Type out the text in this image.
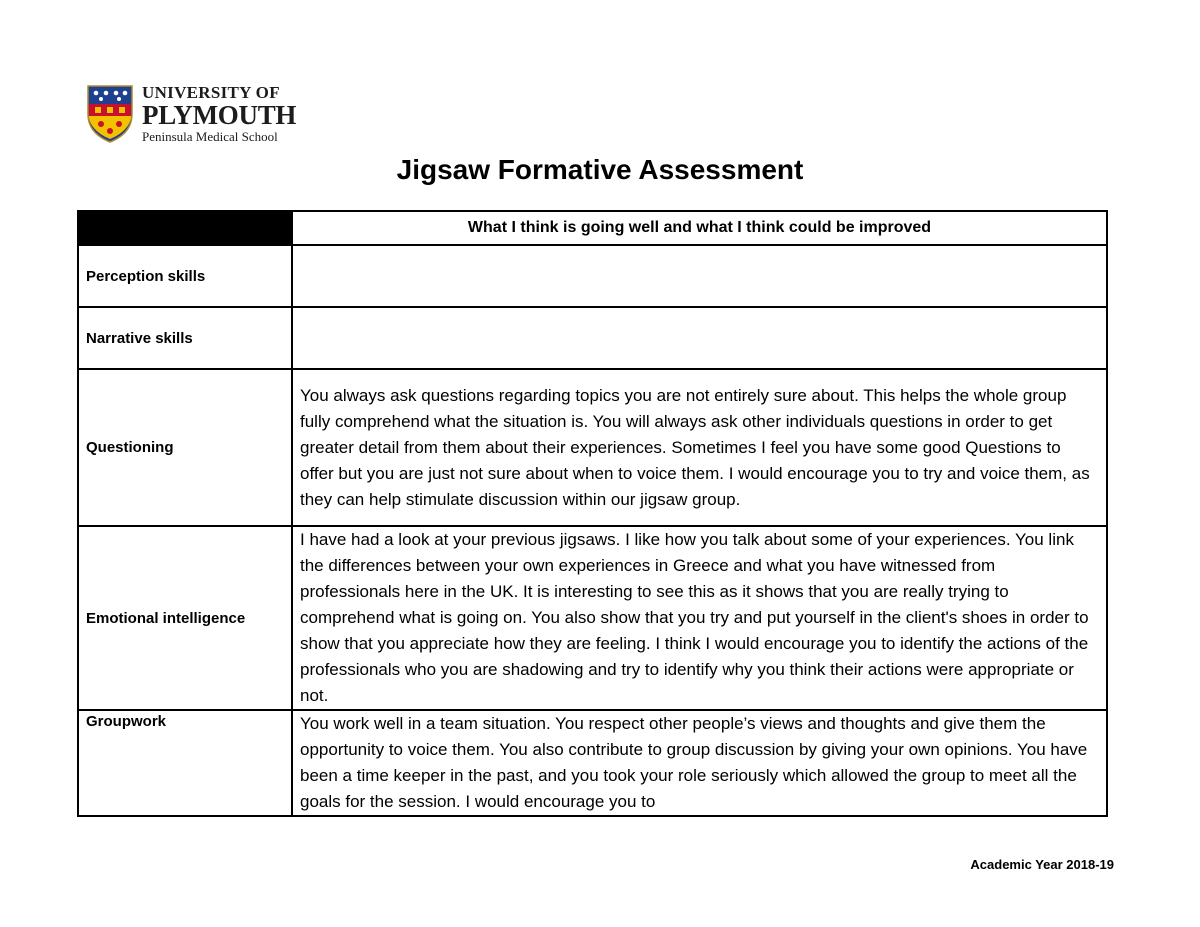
UNIVERSITY OF
PLYMOUTH
Peninsula Medical School
Jigsaw Formative Assessment
	What I think is going well and what I think could be improved
Perception skills	
Narrative skills	
Questioning	You always ask questions regarding topics you are not entirely sure about. This helps the whole group fully comprehend what the situation is. You will always ask other individuals questions in order to get greater detail from them about their experiences. Sometimes I feel you have some good Questions to offer but you are just not sure about when to voice them. I would encourage you to try and voice them, as they can help stimulate discussion within our jigsaw group.
Emotional intelligence	I have had a look at your previous jigsaws. I like how you talk about some of your experiences. You link the differences between your own experiences in Greece and what you have witnessed from professionals here in the UK. It is interesting to see this as it shows that you are really trying to comprehend what is going on. You also show that you try and put yourself in the client's shoes in order to show that you appreciate how they are feeling. I think I would encourage you to identify the actions of the professionals who you are shadowing and try to identify why you think their actions were appropriate or not.
Groupwork	You work well in a team situation. You respect other people’s views and thoughts and give them the opportunity to voice them. You also contribute to group discussion by giving your own opinions. You have been a time keeper in the past, and you took your role seriously which allowed the group to meet all the goals for the session. I would encourage you to
Academic Year 2018-19
